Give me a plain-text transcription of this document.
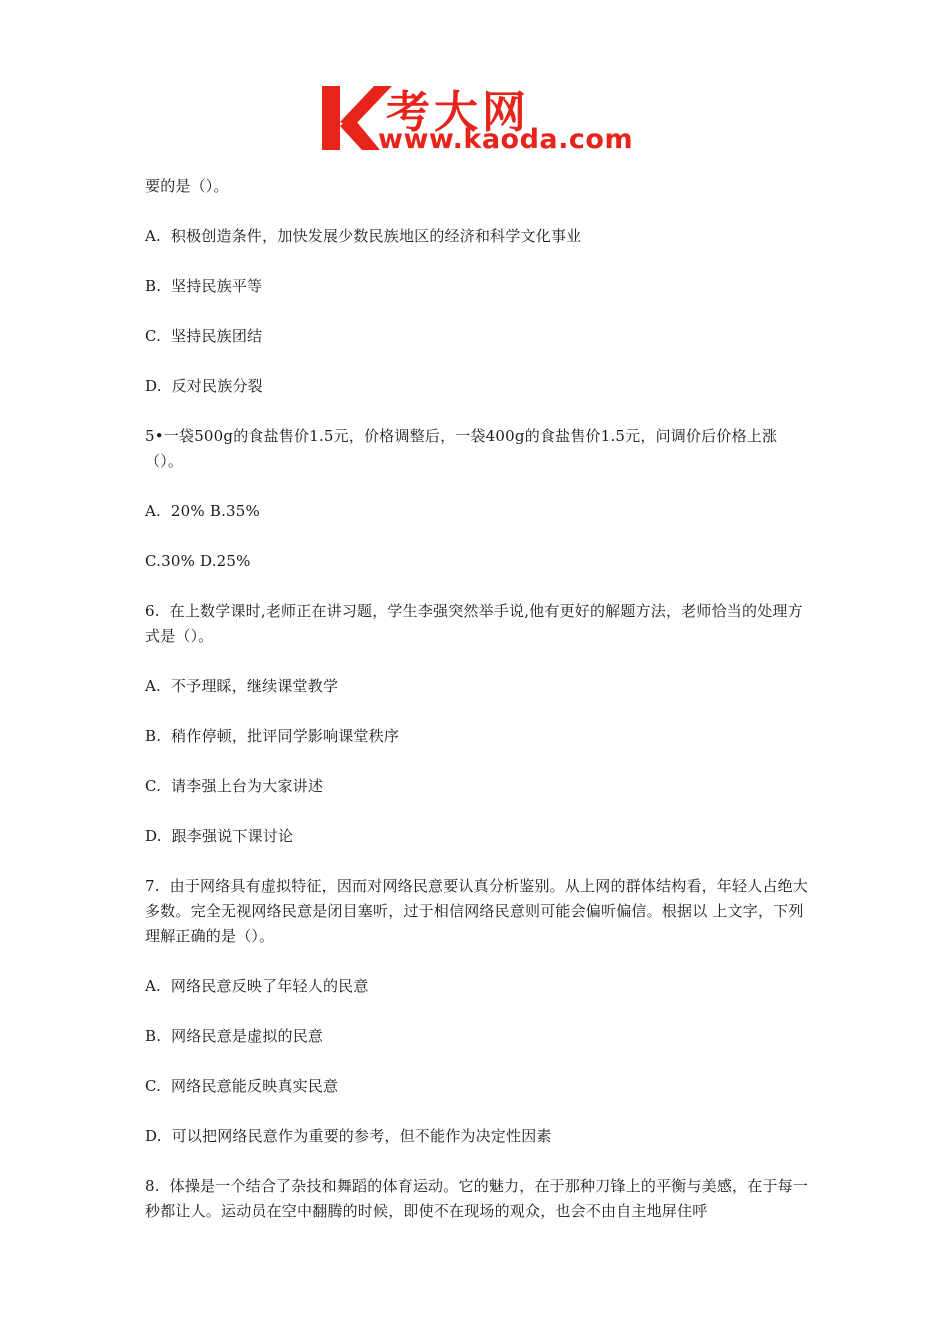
考大网
www.kaoda.com

要的是（）。

A.  积极创造条件，加快发展少数民族地区的经济和科学文化事业

B.  坚持民族平等

C.  坚持民族团结

D.  反对民族分裂

5•一袋500g的食盐售价1.5元，价格调整后，一袋400g的食盐售价1.5元，问调价后价格上涨（）。

A.  20% B.35%

C.30% D.25%

6.  在上数学课时,老师正在讲习题，学生李强突然举手说,他有更好的解题方法，老师恰当的处理方式是（）。

A.  不予理睬，继续课堂教学

B.  稍作停顿，批评同学影响课堂秩序

C.  请李强上台为大家讲述

D.  跟李强说下课讨论

7.  由于网络具有虚拟特征，因而对网络民意要认真分析鉴别。从上网的群体结构看，年轻人占绝大多数。完全无视网络民意是闭目塞听，过于相信网络民意则可能会偏听偏信。根据以 上文字，下列理解正确的是（）。

A.  网络民意反映了年轻人的民意

B.  网络民意是虚拟的民意

C.  网络民意能反映真实民意

D.  可以把网络民意作为重要的参考，但不能作为决定性因素

8.  体操是一个结合了杂技和舞蹈的体育运动。它的魅力，在于那种刀锋上的平衡与美感，在于每一秒都让人。运动员在空中翻腾的时候，即使不在现场的观众，也会不由自主地屏住呼
